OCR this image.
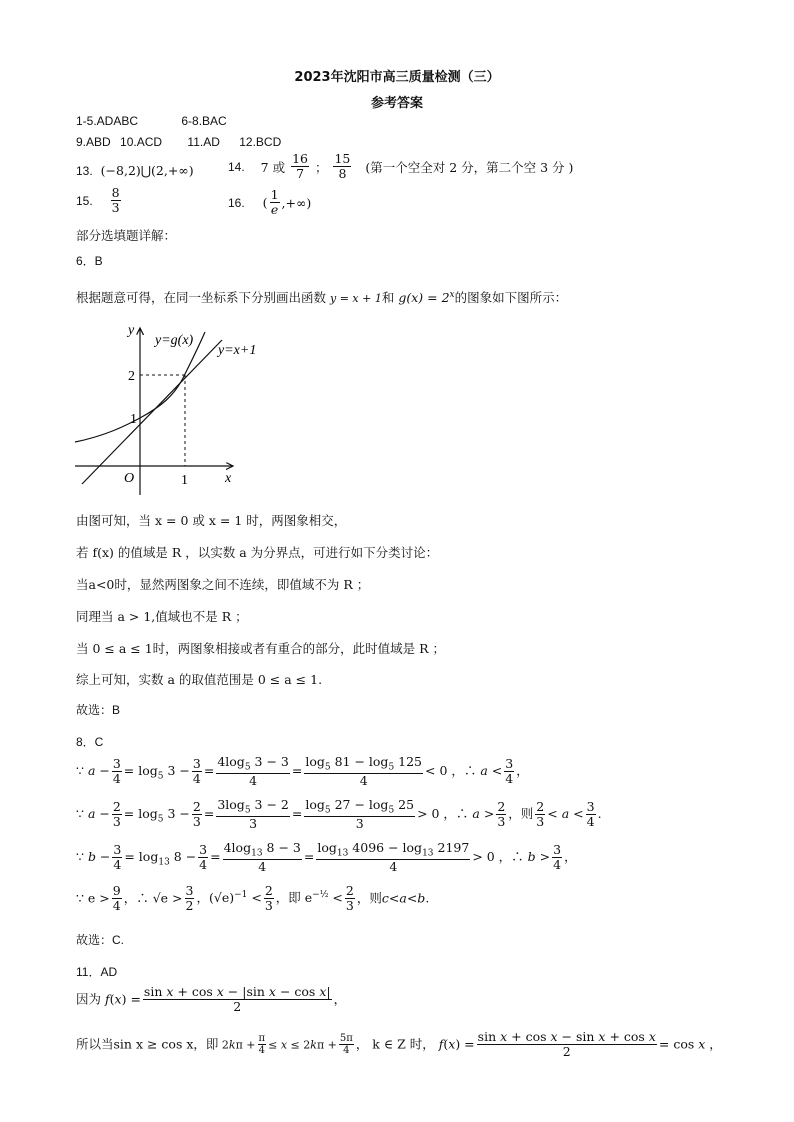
2023年沈阳市高三质量检测（三）
参考答案
1-5.ADABC	6-8.BAC
9.ABD 10.ACD 11.AD 12.BCD
13. (−8,2)⋃(2,+∞)	14. 7 或 $\frac{16}{7}$ ； $\frac{15}{8}$ (第一个空全对 2 分，第二个空 3 分 )
15. $\frac{8}{3}$	16. ( $\frac{1}{e}$ ,+∞)
部分选填题详解：
6．B
根据题意可得，在同一坐标系下分别画出函数 y = x + 1和 $g(x) = 2^x$的图象如下图所示：
y
x
O
y=g(x)
y=x+1
1
2
1
由图可知，当 x = 0 或 x = 1 时，两图象相交，
若 f(x) 的值域是 R ，以实数 a 为分界点，可进行如下分类讨论：
当a<0时，显然两图象之间不连续，即值域不为 R ；
同理当 a > 1,值域也不是 R ；
当 0 ≤ a ≤ 1时，两图象相接或者有重合的部分，此时值域是 R ；
综上可知，实数 a 的取值范围是 0 ≤ a ≤ 1.
故选：B
8．C
∵ $a - \frac{3}{4} = \log_5 3 - \frac{3}{4} = \frac{4\log_5 3 - 3}{4} = \frac{\log_5 81 - \log_5 125}{4} < 0$ ，∴ $a < \frac{3}{4}$ ，
∵ $a - \frac{2}{3} = \log_5 3 - \frac{2}{3} = \frac{3\log_5 3 - 2}{3} = \frac{\log_5 27 - \log_5 25}{3} > 0$ ，∴ $a > \frac{2}{3}$ ，则 $\frac{2}{3} < a < \frac{3}{4}$ .
∵ $b - \frac{3}{4} = \log_{13} 8 - \frac{3}{4} = \frac{4\log_{13} 8 - 3}{4} = \frac{\log_{13} 4096 - \log_{13} 2197}{4} > 0$ ，∴ $b > \frac{3}{4}$ ，
∵ $e > \frac{9}{4}$ ，∴ $√e > \frac{3}{2}$ ，$(√e)^{-1} < \frac{2}{3}$ ，即 $e^{-\frac{1}{2}} < \frac{2}{3}$ ，则c<a<b.
故选：C.
11．AD
因为 $f(x) = \frac{\text{sin x + cos x − |sin x − cos x|}}{2}$ ，
所以当sin x ≥ cos x，即 $2k\pi + \frac{\pi}{4} \le x \le 2k\pi + \frac{5\pi}{4}$ ， k ∈ Z 时， $f(x) = \frac{\text{sin x + cos x − sin x + cos x}}{2} = \cos x$ ，
